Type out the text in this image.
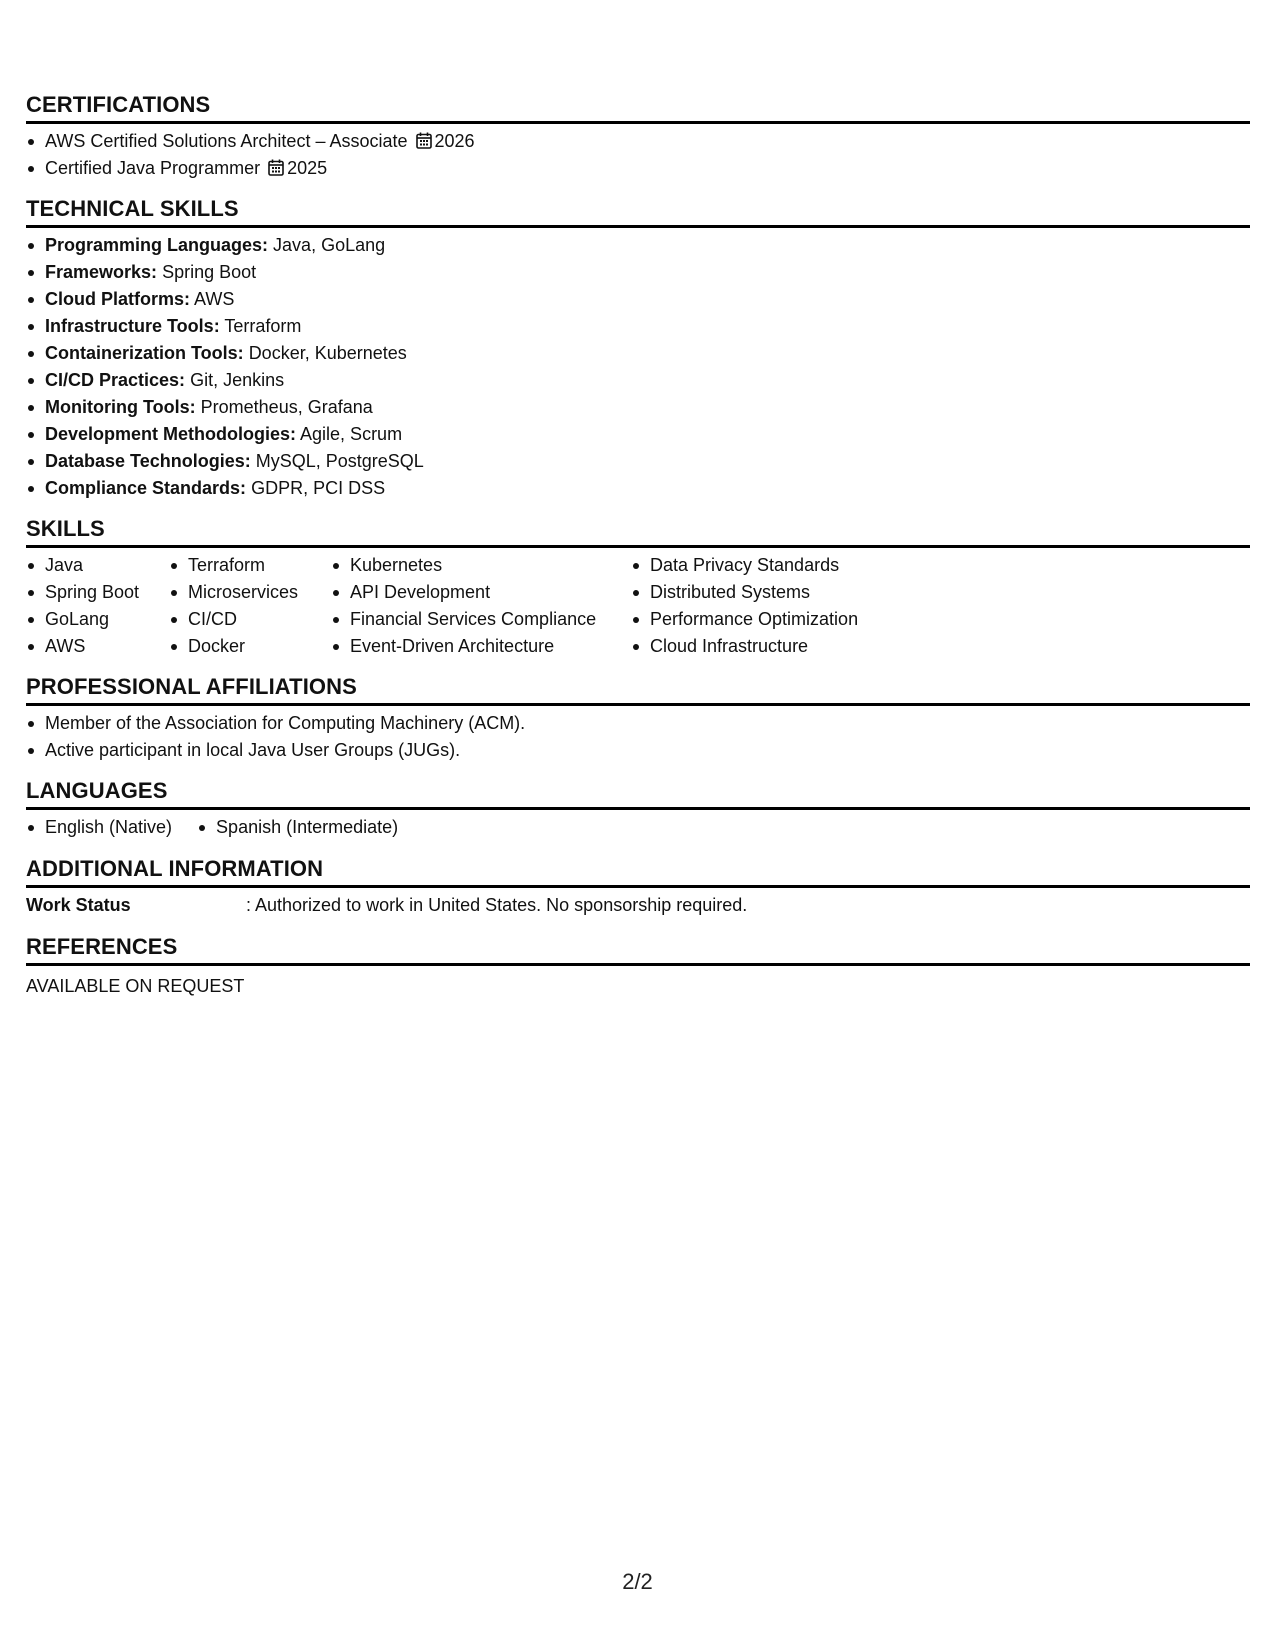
CERTIFICATIONS
AWS Certified Solutions Architect – Associate 2026
Certified Java Programmer 2025
TECHNICAL SKILLS
Programming Languages: Java, GoLang
Frameworks: Spring Boot
Cloud Platforms: AWS
Infrastructure Tools: Terraform
Containerization Tools: Docker, Kubernetes
CI/CD Practices: Git, Jenkins
Monitoring Tools: Prometheus, Grafana
Development Methodologies: Agile, Scrum
Database Technologies: MySQL, PostgreSQL
Compliance Standards: GDPR, PCI DSS
SKILLS
Java
Spring Boot
GoLang
AWS
Terraform
Microservices
CI/CD
Docker
Kubernetes
API Development
Financial Services Compliance
Event-Driven Architecture
Data Privacy Standards
Distributed Systems
Performance Optimization
Cloud Infrastructure
PROFESSIONAL AFFILIATIONS
Member of the Association for Computing Machinery (ACM).
Active participant in local Java User Groups (JUGs).
LANGUAGES
English (Native)	Spanish (Intermediate)
ADDITIONAL INFORMATION
Work Status	: Authorized to work in United States. No sponsorship required.
REFERENCES
AVAILABLE ON REQUEST
2/2
